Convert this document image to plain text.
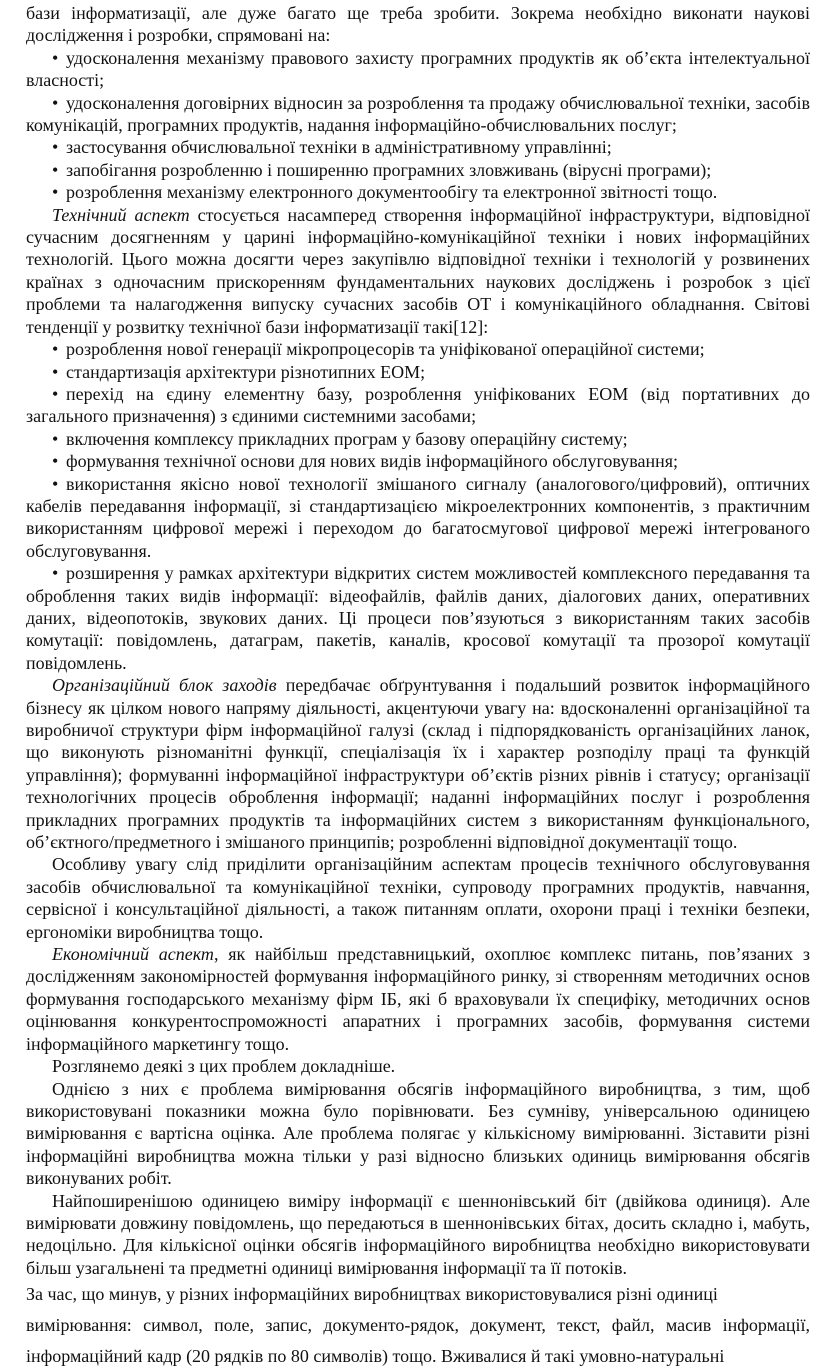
бази інформатизації, але дуже багато ще треба зробити. Зокрема необхідно виконати наукові дослідження і розробки, спрямовані на:

• удосконалення механізму правового захисту програмних продуктів як об’єкта інтелектуальної власності;

• удосконалення договірних відносин за розроблення та продажу обчислювальної техніки, засобів комунікацій, програмних продуктів, надання інформаційно-обчислювальних послуг;

• застосування обчислювальної техніки в адміністративному управлінні;

• запобігання розробленню і поширенню програмних зловживань (вірусні програми);

• розроблення механізму електронного документообігу та електронної звітності тощо.

Технічний аспект стосується насамперед створення інформаційної інфраструктури, відповідної сучасним досягненням у царині інформаційно-комунікаційної техніки і нових інформаційних технологій. Цього можна досягти через закупівлю відповідної техніки і технологій у розвинених країнах з одночасним прискоренням фундаментальних наукових досліджень і розробок з цієї проблеми та налагодження випуску сучасних засобів ОТ і комунікаційного обладнання. Світові тенденції у розвитку технічної бази інформатизації такі[12]:

• розроблення нової генерації мікропроцесорів та уніфікованої операційної системи;

• стандартизація архітектури різнотипних ЕОМ;

• перехід на єдину елементну базу, розроблення уніфікованих ЕОМ (від портативних до загального призначення) з єдиними системними засобами;

• включення комплексу прикладних програм у базову операційну систему;

• формування технічної основи для нових видів інформаційного обслуговування;

• використання якісно нової технології змішаного сигналу (аналогового/цифровий), оптичних кабелів передавання інформації, зі стандартизацією мікроелектронних компонентів, з практичним використанням цифрової мережі і переходом до багатосмугової цифрової мережі інтегрованого обслуговування.

• розширення у рамках архітектури відкритих систем можливостей комплексного передавання та оброблення таких видів інформації: відеофайлів, файлів даних, діалогових даних, оперативних даних, відеопотоків, звукових даних. Ці процеси пов’язуються з використанням таких засобів комутації: повідомлень, датаграм, пакетів, каналів, кросової комутації та прозорої комутації повідомлень.

Організаційний блок заходів передбачає обґрунтування і подальший розвиток інформаційного бізнесу як цілком нового напряму діяльності, акцентуючи увагу на: вдосконаленні організаційної та виробничої структури фірм інформаційної галузі (склад і підпорядкованість організаційних ланок, що виконують різноманітні функції, спеціалізація їх і характер розподілу праці та функцій управління); формуванні інформаційної інфраструктури об’єктів різних рівнів і статусу; організації технологічних процесів оброблення інформації; наданні інформаційних послуг і розроблення прикладних програмних продуктів та інформаційних систем з використанням функціонального, об’єктного/предметного і змішаного принципів; розробленні відповідної документації тощо.

Особливу увагу слід приділити організаційним аспектам процесів технічного обслуговування засобів обчислювальної та комунікаційної техніки, супроводу програмних продуктів, навчання, сервісної і консультаційної діяльності, а також питанням оплати, охорони праці і техніки безпеки, ергономіки виробництва тощо.

Економічний аспект, як найбільш представницький, охоплює комплекс питань, пов’язаних з дослідженням закономірностей формування інформаційного ринку, зі створенням методичних основ формування господарського механізму фірм ІБ, які б враховували їх специфіку, методичних основ оцінювання конкурентоспроможності апаратних і програмних засобів, формування системи інформаційного маркетингу тощо.

Розглянемо деякі з цих проблем докладніше.

Однією з них є проблема вимірювання обсягів інформаційного виробництва, з тим, щоб використовувані показники можна було порівнювати. Без сумніву, універсальною одиницею вимірювання є вартісна оцінка. Але проблема полягає у кількісному вимірюванні. Зіставити різні інформаційні виробництва можна тільки у разі відносно близьких одиниць вимірювання обсягів виконуваних робіт.

Найпоширенішою одиницею виміру інформації є шеннонівський біт (двійкова одиниця). Але вимірювати довжину повідомлень, що передаються в шеннонівських бітах, досить складно і, мабуть, недоцільно. Для кількісної оцінки обсягів інформаційного виробництва необхідно використовувати більш узагальнені та предметні одиниці вимірювання інформації та її потоків.

За час, що минув, у різних інформаційних виробництвах використовувалися різні одиниці

вимірювання: символ, поле, запис, документо-рядок, документ, текст, файл, масив інформації, інформаційний кадр (20 рядків по 80 символів) тощо. Вживалися й такі умовно-натуральні
